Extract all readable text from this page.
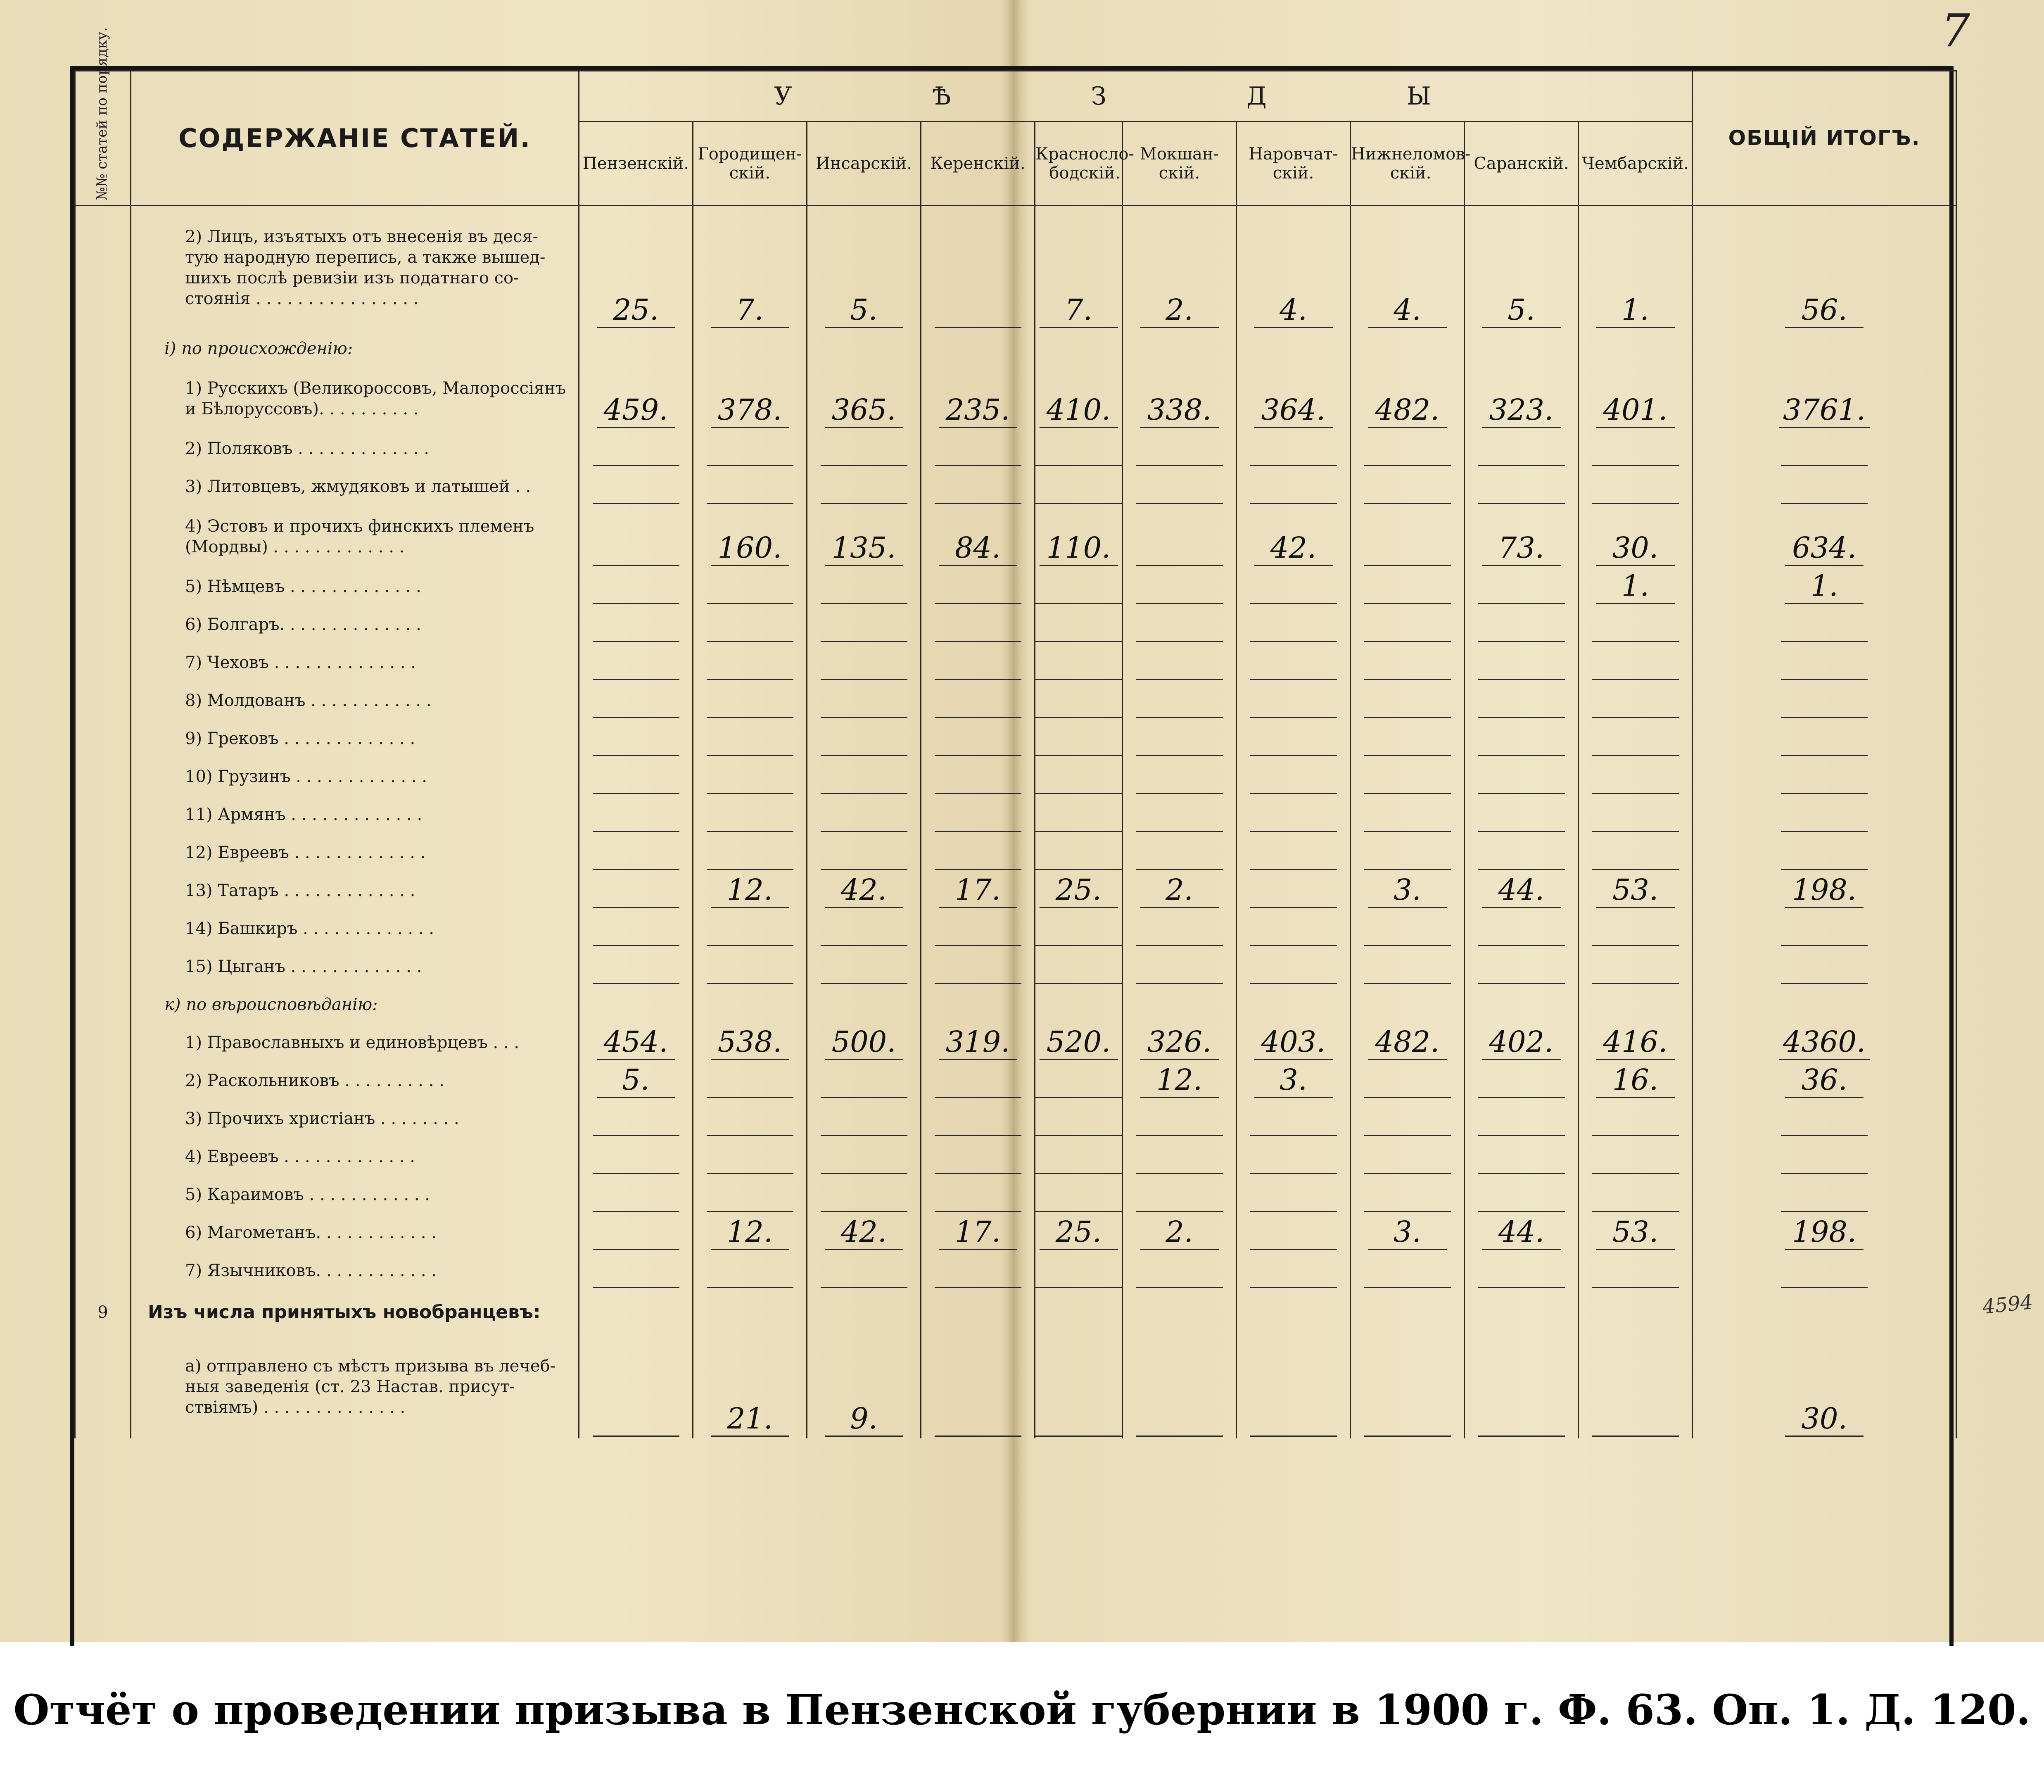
7
4594
№№ статей по порядку.	СОДЕРЖАНІЕ СТАТЕЙ.	У Ѣ З Д Ы										ОБЩІЙ ИТОГЪ.
		Пензенскій.	Городищен-
скій.	Инсарскій.	Керенскій.	Красносло-
бодскій.	Мокшан-
скій.	Наровчат-
скій.	Нижнеломов-
скій.	Саранскій.	Чембарскій.	
	2) Лицъ, изъятыхъ отъ внесенія въ деся-
тую народную перепись, а также вышед-
шихъ послѣ ревизіи изъ податнаго со-
стоянія . . . . . . . . . . . . . . . .	25.	7.	5.		7.	2.	4.	4.	5.	1.	56.
	і) по происхожденію:											
	1) Русскихъ (Великороссовъ, Малороссіянъ
и Бѣлоруссовъ). . . . . . . . . .	459.	378.	365.	235.	410.	338.	364.	482.	323.	401.	3761.
	2) Поляковъ . . . . . . . . . . . . .											
	3) Литовцевъ, жмудяковъ и латышей . .											
	4) Эстовъ и прочихъ финскихъ племенъ
(Мордвы) . . . . . . . . . . . . .		160.	135.	84.	110.		42.		73.	30.	634.
	5) Нѣмцевъ . . . . . . . . . . . . .										1.	1.
	6) Болгаръ. . . . . . . . . . . . . .											
	7) Чеховъ . . . . . . . . . . . . . .											
	8) Молдованъ . . . . . . . . . . . .											
	9) Грековъ . . . . . . . . . . . . .											
	10) Грузинъ . . . . . . . . . . . . .											
	11) Армянъ . . . . . . . . . . . . .											
	12) Евреевъ . . . . . . . . . . . . .											
	13) Татаръ . . . . . . . . . . . . .		12.	42.	17.	25.	2.		3.	44.	53.	198.
	14) Башкиръ . . . . . . . . . . . . .											
	15) Цыганъ . . . . . . . . . . . . .											
	к) по вѣроисповѣданію:											
	1) Православныхъ и единовѣрцевъ . . .	454.	538.	500.	319.	520.	326.	403.	482.	402.	416.	4360.
	2) Раскольниковъ . . . . . . . . . .	5.					12.	3.			16.	36.
	3) Прочихъ христіанъ . . . . . . . .											
	4) Евреевъ . . . . . . . . . . . . .											
	5) Караимовъ . . . . . . . . . . . .											
	6) Магометанъ. . . . . . . . . . . .		12.	42.	17.	25.	2.		3.	44.	53.	198.
	7) Язычниковъ. . . . . . . . . . . .											
9	Изъ числа принятыхъ новобранцевъ:											
	а) отправлено съ мѣстъ призыва въ лечеб-
ныя заведенія (ст. 23 Настав. присут-
ствіямъ) . . . . . . . . . . . . . .		21.	9.								30.
Отчёт о проведении призыва в Пензенской губернии в 1900 г. Ф. 63. Оп. 1. Д. 120.
